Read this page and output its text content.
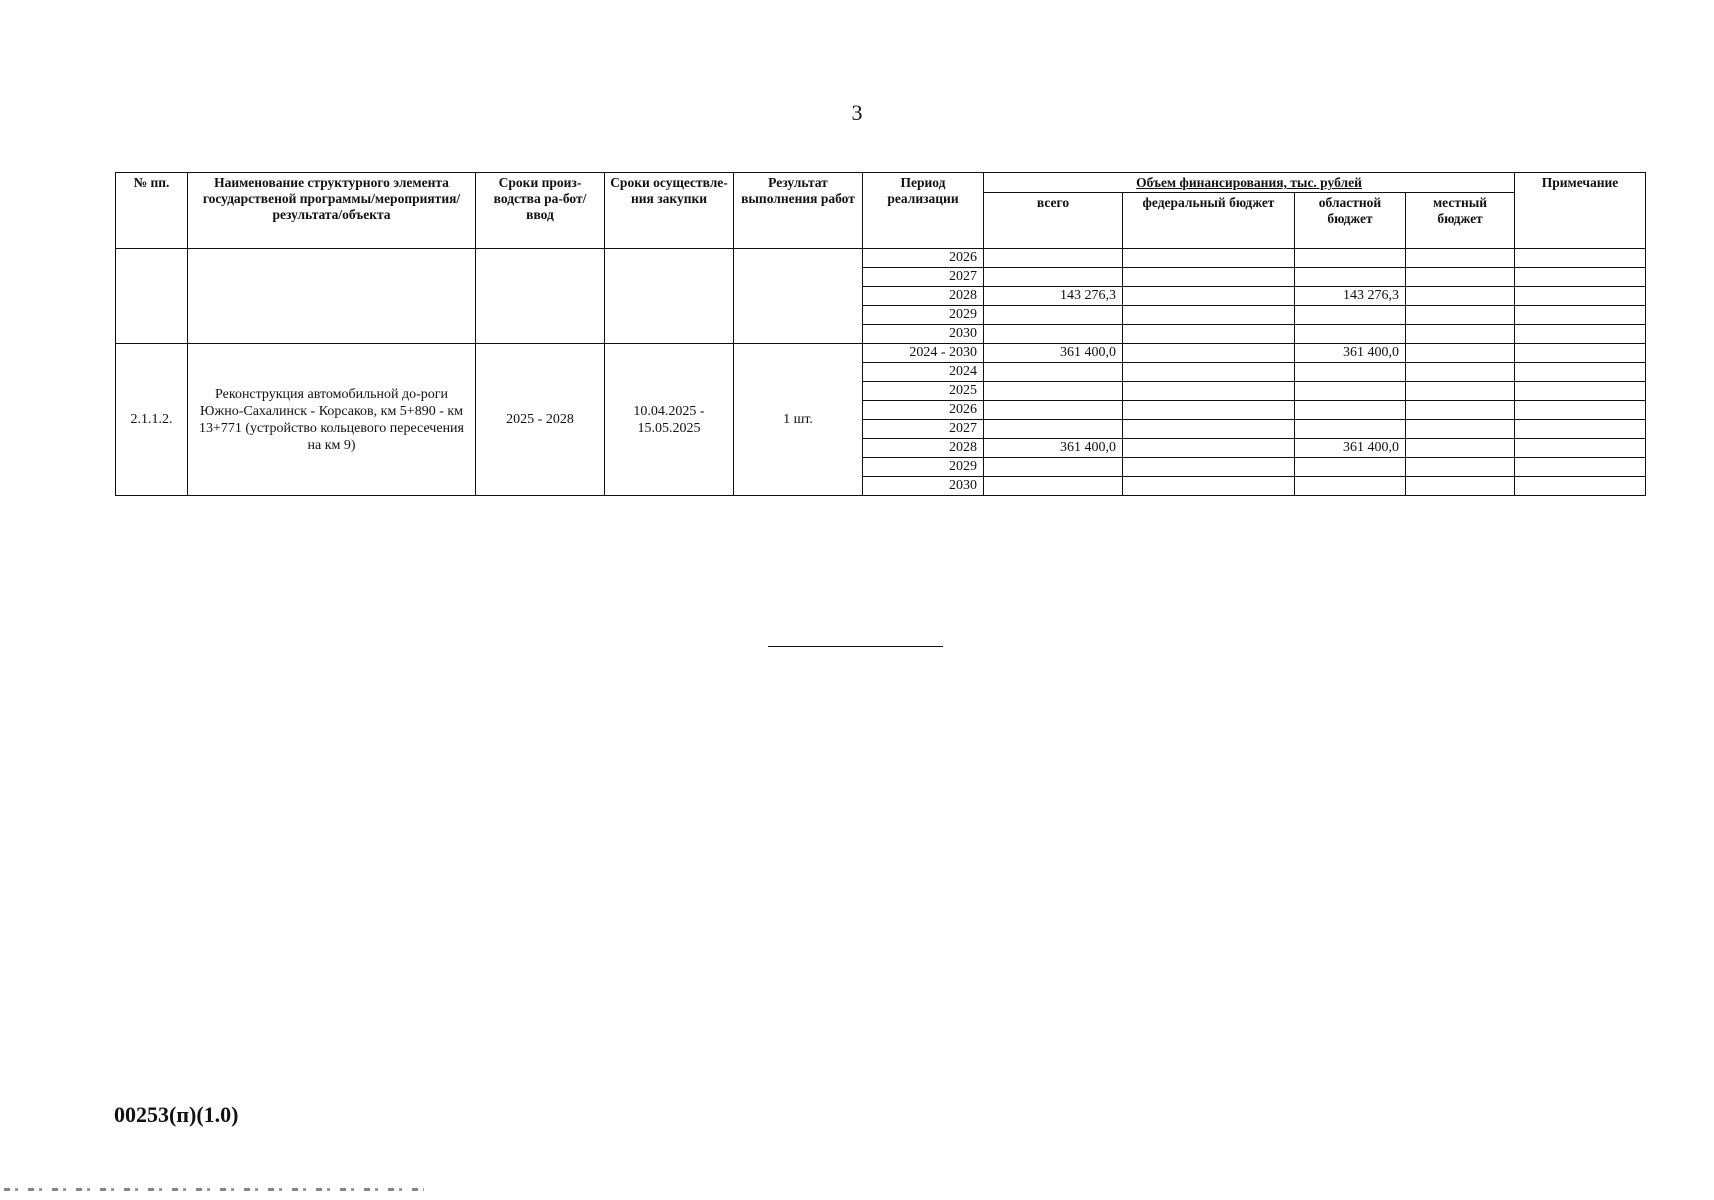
3
№ пп.	Наименование структурного элемента государственой программы/мероприятия/ результата/объекта	Сроки произ-водства ра-бот/ввод	Сроки осуществле-ния закупки	Результат выполнения работ	Период реализации	Объем финансирования, тыс. рублей				Примечание
						всего	федеральный бюджет	областной бюджет	местный бюджет	
					2026					
					2027					
					2028	143 276,3		143 276,3		
					2029					
					2030					
2.1.1.2.	Реконструкция автомобильной до-роги Южно-Сахалинск - Корсаков, км 5+890 - км 13+771 (устройство кольцевого пересечения на км 9)	2025 - 2028	10.04.2025 - 15.05.2025	1 шт.	2024 - 2030	361 400,0		361 400,0		
					2024					
					2025					
					2026					
					2027					
					2028	361 400,0		361 400,0		
					2029					
					2030					
00253(п)(1.0)
